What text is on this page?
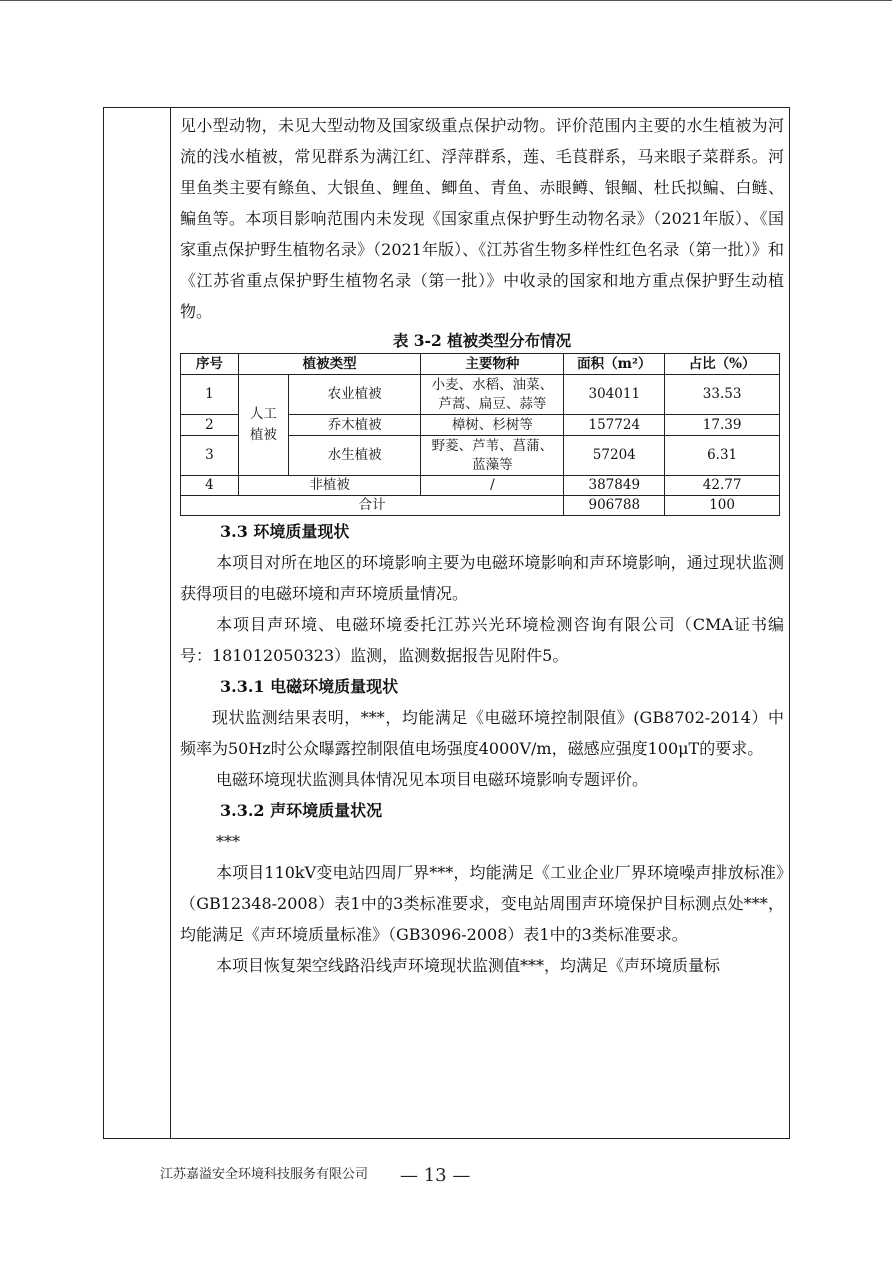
见小型动物，未见大型动物及国家级重点保护动物。评价范围内主要的水生植被为河流的浅水植被，常见群系为满江红、浮萍群系，莲、毛茛群系，马来眼子菜群系。河里鱼类主要有鲦鱼、大银鱼、鲤鱼、鲫鱼、青鱼、赤眼鳟、银鲴、杜氏拟鳊、白鲢、鳊鱼等。本项目影响范围内未发现《国家重点保护野生动物名录》（2021年版）、《国家重点保护野生植物名录》（2021年版）、《江苏省生物多样性红色名录（第一批）》和《江苏省重点保护野生植物名录（第一批）》中收录的国家和地方重点保护野生动植物。

表 3-2 植被类型分布情况
序号	植被类型		主要物种	面积（m²）	占比（%）
1	人工植被	农业植被	小麦、水稻、油菜、芦蒿、扁豆、蒜等	304011	33.53
2		乔木植被	樟树、杉树等	157724	17.39
3		水生植被	野菱、芦苇、菖蒲、蓝藻等	57204	6.31
4	非植被		/	387849	42.77
合计				906788	100

3.3 环境质量现状

本项目对所在地区的环境影响主要为电磁环境影响和声环境影响，通过现状监测获得项目的电磁环境和声环境质量情况。

本项目声环境、电磁环境委托江苏兴光环境检测咨询有限公司（CMA证书编号：181012050323）监测，监测数据报告见附件5。

3.3.1 电磁环境质量现状

现状监测结果表明，***，均能满足《电磁环境控制限值》(GB8702-2014）中频率为50Hz时公众曝露控制限值电场强度4000V/m，磁感应强度100μT的要求。

电磁环境现状监测具体情况见本项目电磁环境影响专题评价。

3.3.2 声环境质量状况

***

本项目110kV变电站四周厂界***，均能满足《工业企业厂界环境噪声排放标准》（GB12348-2008）表1中的3类标准要求，变电站周围声环境保护目标测点处***，均能满足《声环境质量标准》（GB3096-2008）表1中的3类标准要求。

本项目恢复架空线路沿线声环境现状监测值***，均满足《声环境质量标

江苏嘉溢安全环境科技服务有限公司 — 13 —
